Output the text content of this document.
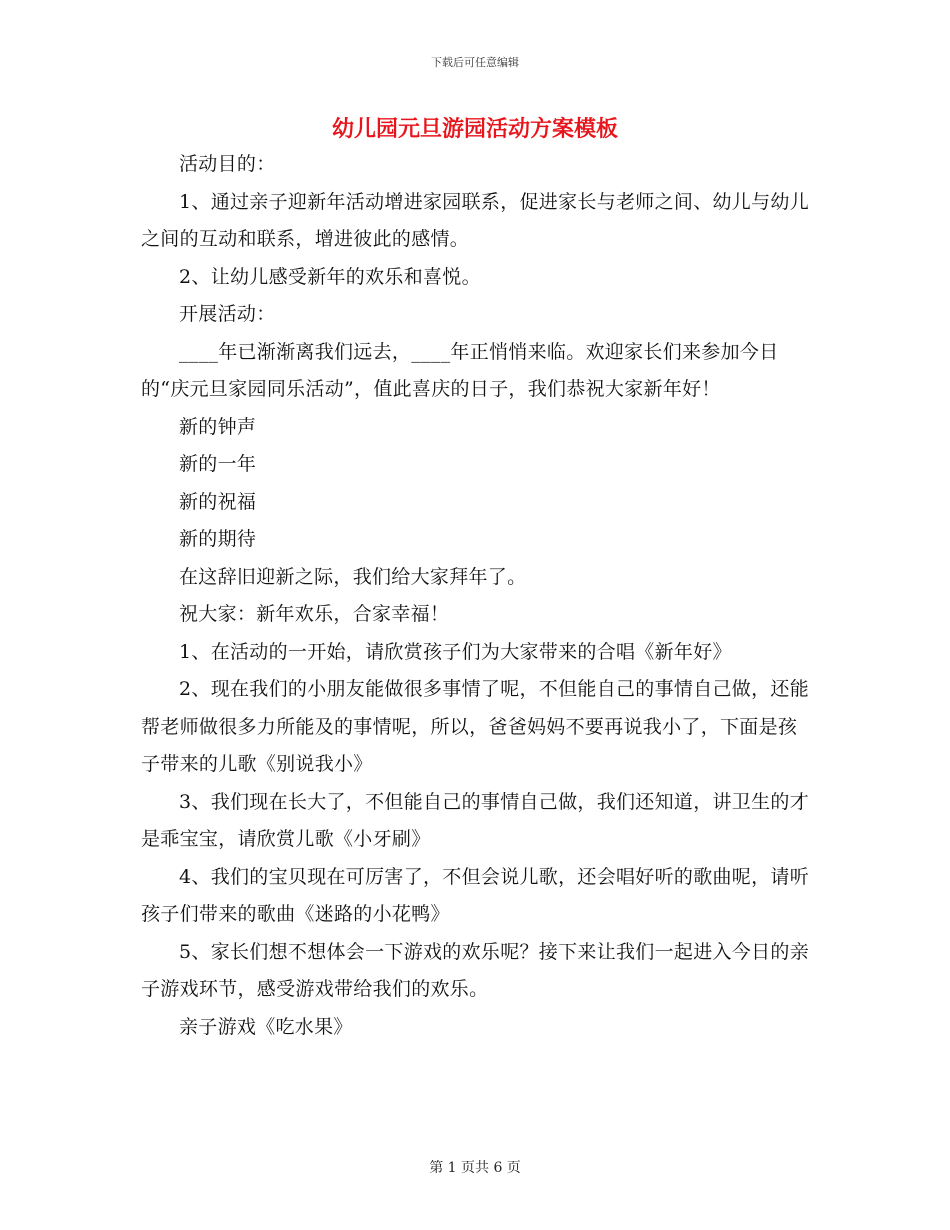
下载后可任意编辑
幼儿园元旦游园活动方案模板

活动目的：

1、通过亲子迎新年活动增进家园联系，促进家长与老师之间、幼儿与幼儿之间的互动和联系，增进彼此的感情。

2、让幼儿感受新年的欢乐和喜悦。

开展活动：

____年已渐渐离我们远去，____年正悄悄来临。欢迎家长们来参加今日的“庆元旦家园同乐活动”，值此喜庆的日子，我们恭祝大家新年好！

新的钟声

新的一年

新的祝福

新的期待

在这辞旧迎新之际，我们给大家拜年了。

祝大家：新年欢乐，合家幸福！

1、在活动的一开始，请欣赏孩子们为大家带来的合唱《新年好》

2、现在我们的小朋友能做很多事情了呢，不但能自己的事情自己做，还能帮老师做很多力所能及的事情呢，所以，爸爸妈妈不要再说我小了，下面是孩子带来的儿歌《别说我小》

3、我们现在长大了，不但能自己的事情自己做，我们还知道，讲卫生的才是乖宝宝，请欣赏儿歌《小牙刷》

4、我们的宝贝现在可厉害了，不但会说儿歌，还会唱好听的歌曲呢，请听孩子们带来的歌曲《迷路的小花鸭》

5、家长们想不想体会一下游戏的欢乐呢？接下来让我们一起进入今日的亲子游戏环节，感受游戏带给我们的欢乐。

亲子游戏《吃水果》

第 1 页共 6 页
